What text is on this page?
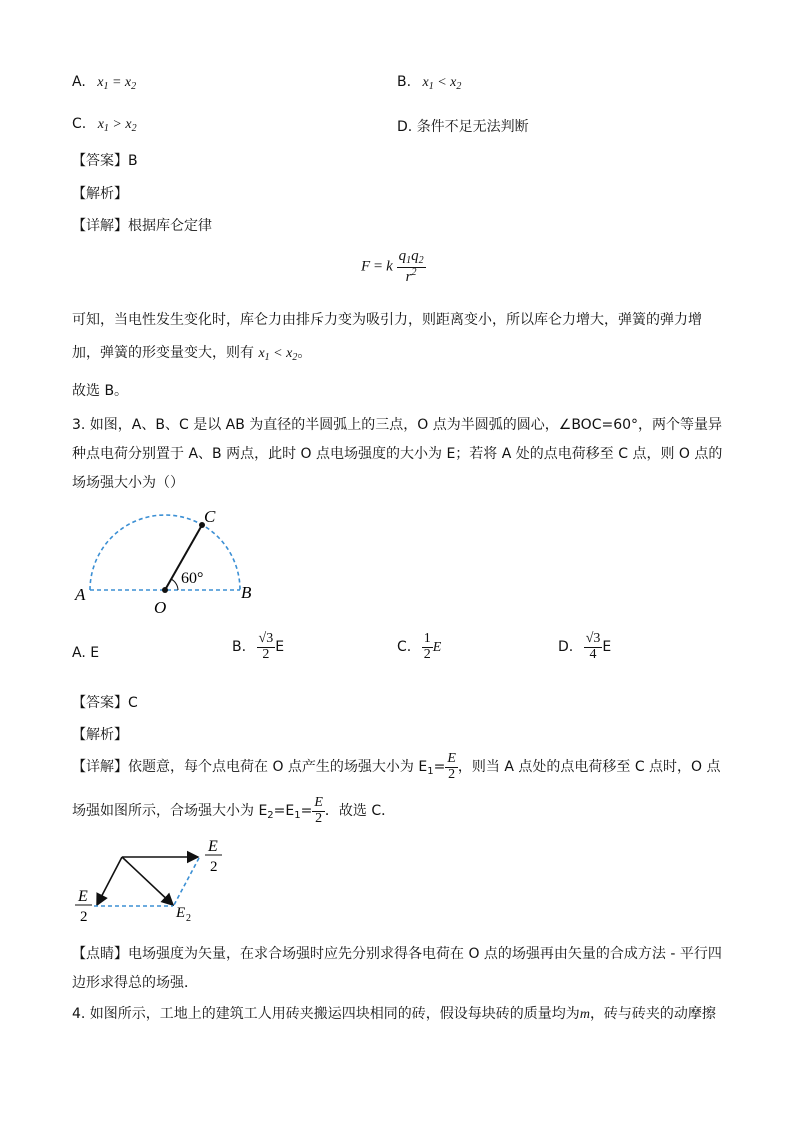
A.   $x_1 = x_2$	B.   $x_1 < x_2$
C.   $x_1 > x_2$	D. 条件不足无法判断
【答案】B
【解析】
【详解】根据库仑定律
F = k $\frac{q_1q_2}{r^2}$
可知，当电性发生变化时，库仑力由排斥力变为吸引力，则距离变小，所以库仑力增大，弹簧的弹力增
加，弹簧的形变量变大，则有 $x_1 < x_2$。
故选 B。
3. 如图，A、B、C 是以 AB 为直径的半圆弧上的三点，O 点为半圆弧的圆心，∠BOC=60°，两个等量异
种点电荷分别置于 A、B 两点，此时 O 点电场强度的大小为 E；若将 A 处的点电荷移至 C 点，则 O 点的
场场强大小为（）
A	B
C
O
60°
A. E	B. $\frac{√3}{2}$ E	C. $\frac{1}{2}$ E	D. $\frac{√3}{4}$ E
【答案】C
【解析】
【详解】依题意，每个点电荷在 O 点产生的场强大小为 $E_1= \frac{E}{2}$ ，则当 A 点处的点电荷移至 C 点时，O 点
场强如图所示，合场强大小为 $E_2=E_1= \frac{E}{2}$ ．故选 C．
E
2
E
2	E 2
【点睛】电场强度为矢量，在求合场强时应先分别求得各电荷在 O 点的场强再由矢量的合成方法 - 平行四
边形求得总的场强．
4. 如图所示，工地上的建筑工人用砖夹搬运四块相同的砖，假设每块砖的质量均为m，砖与砖夹的动摩擦
